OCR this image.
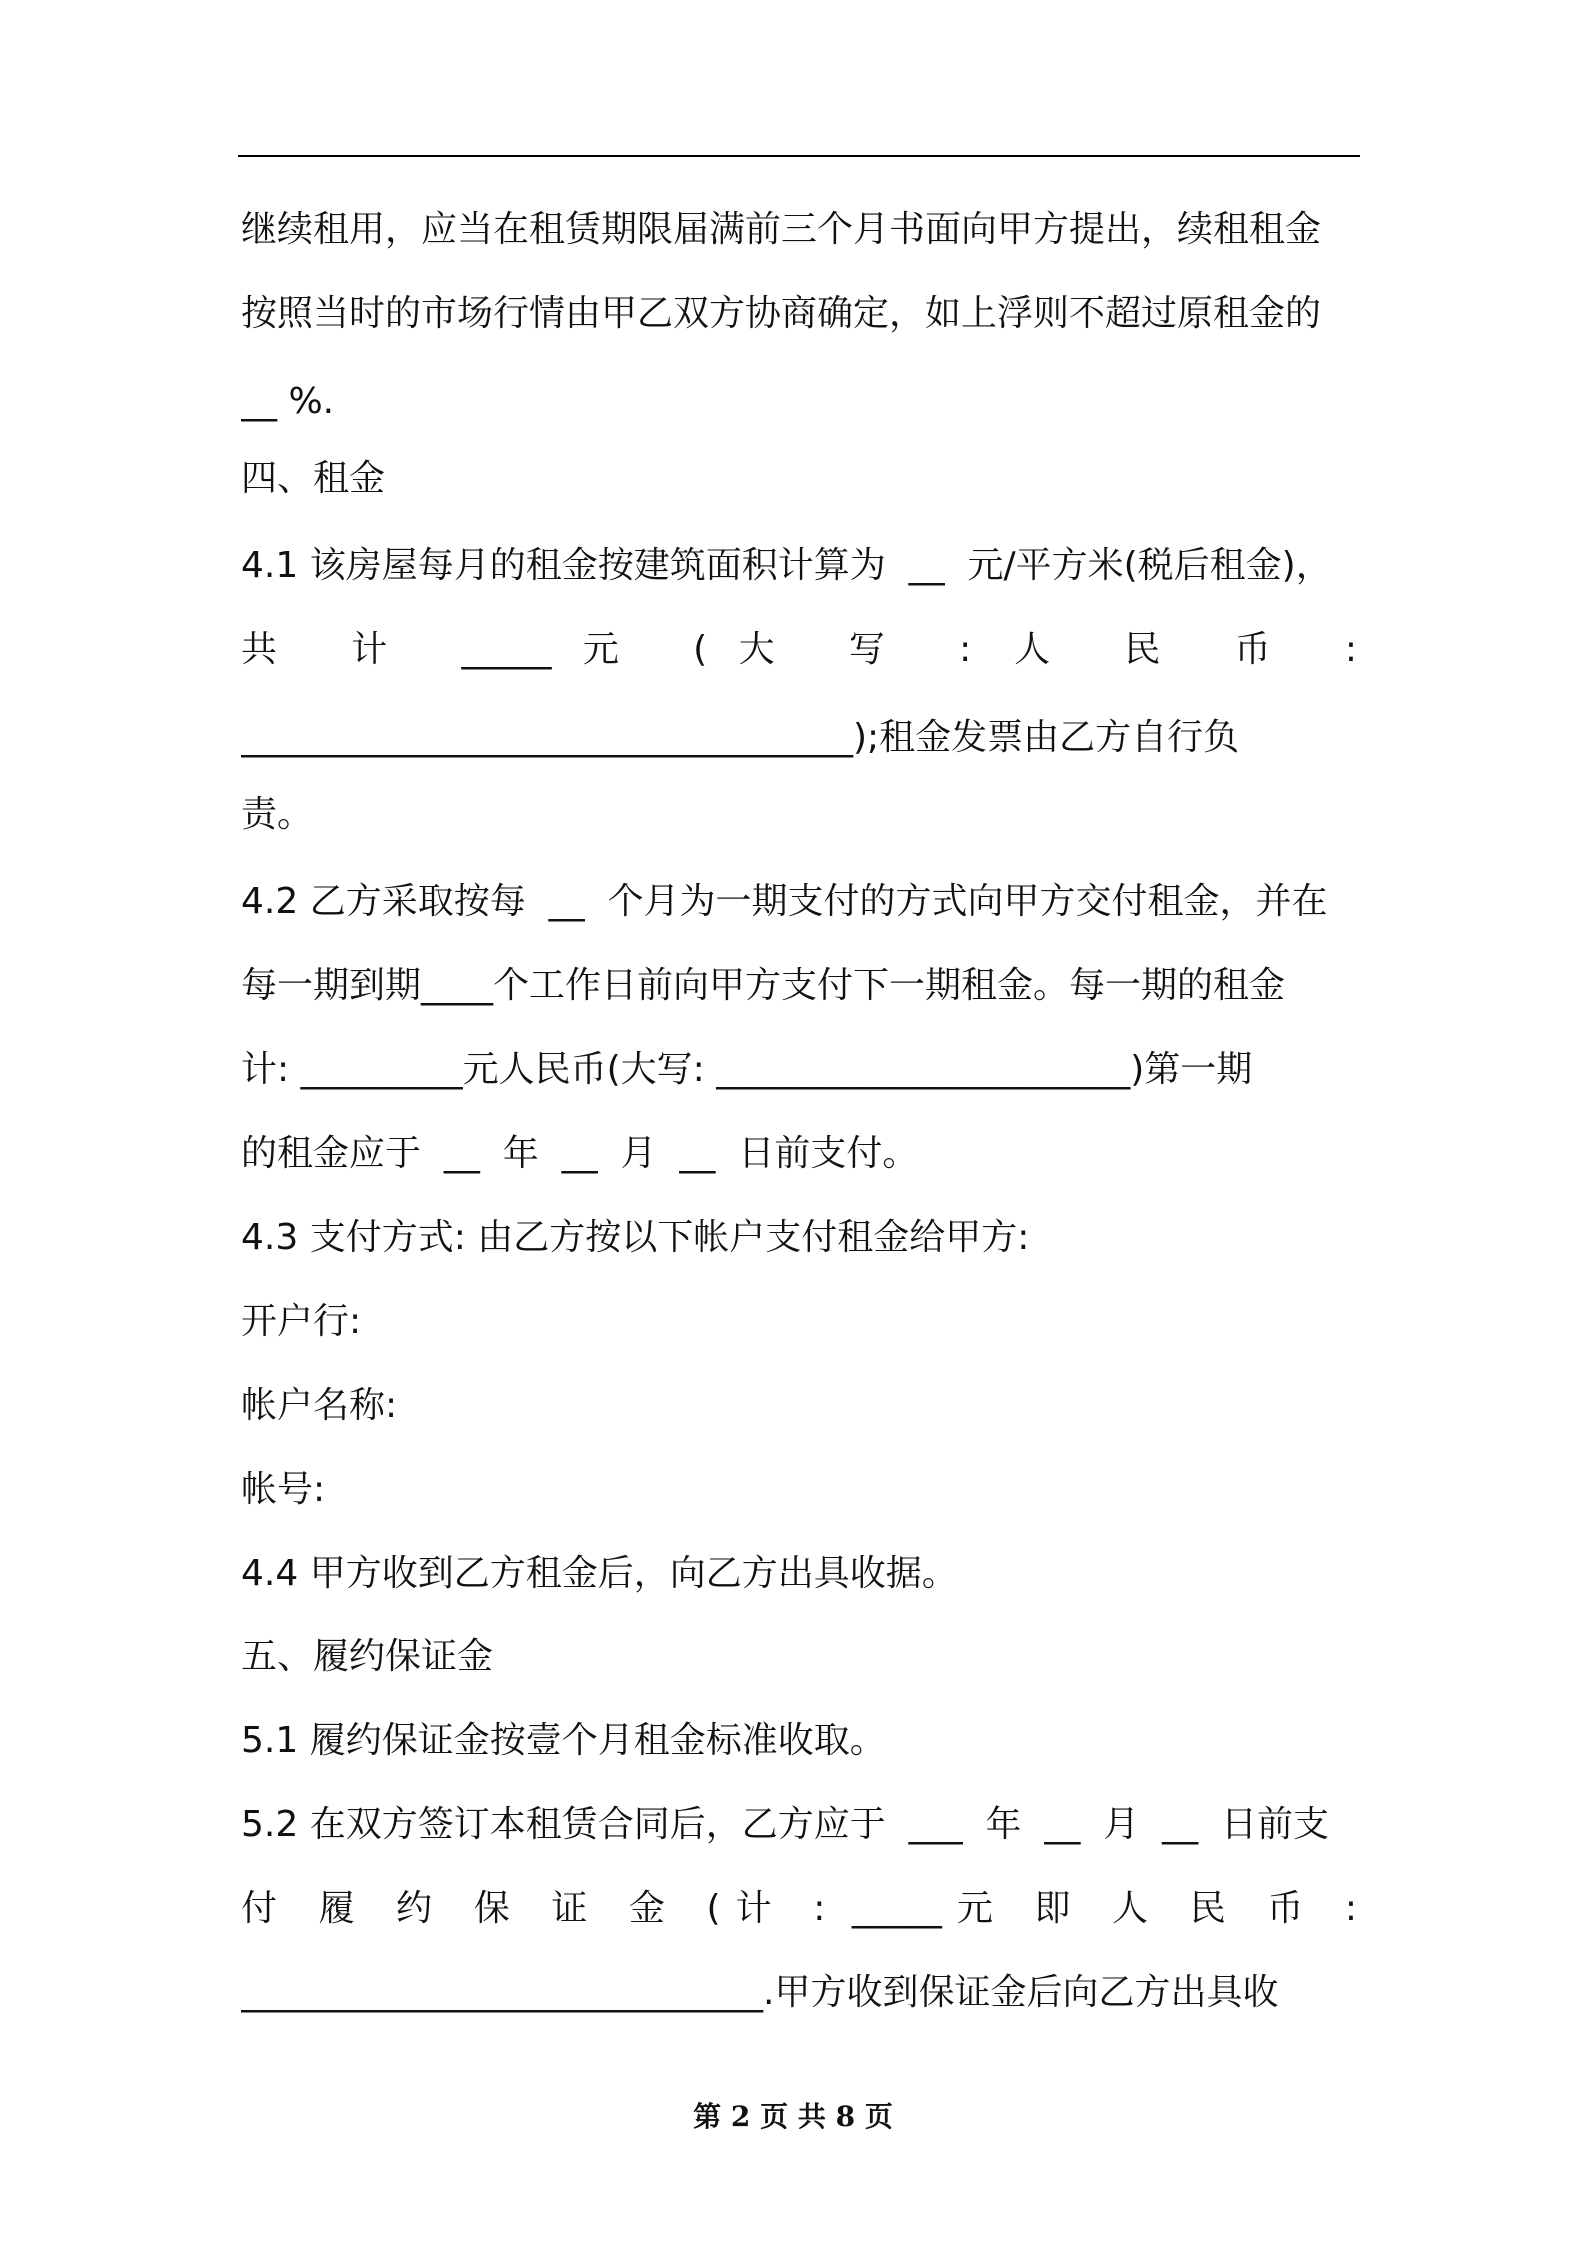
继续租用，应当在租赁期限届满前三个月书面向甲方提出，续租租金
按照当时的市场行情由甲乙双方协商确定，如上浮则不超过原租金的
__ %.
四、租金
4.1 该房屋每月的租金按建筑面积计算为  __  元/平方米(税后租金)，
共 计 _____元 (大 写 : 人 民 币 :
__________________________________);租金发票由乙方自行负
责。
4.2 乙方采取按每  __  个月为一期支付的方式向甲方交付租金，并在
每一期到期____个工作日前向甲方支付下一期租金。每一期的租金
计: _________元人民币(大写: _______________________)第一期
的租金应于  __  年  __  月  __  日前支付。
4.3 支付方式: 由乙方按以下帐户支付租金给甲方:
开户行:
帐户名称:
帐号:
4.4 甲方收到乙方租金后，向乙方出具收据。
五、履约保证金
5.1 履约保证金按壹个月租金标准收取。
5.2 在双方签订本租赁合同后，乙方应于  ___  年  __  月  __  日前支
付 履 约 保 证 金 (计 : _____元 即 人 民 币 :
_____________________________.甲方收到保证金后向乙方出具收
第 2 页 共 8 页
